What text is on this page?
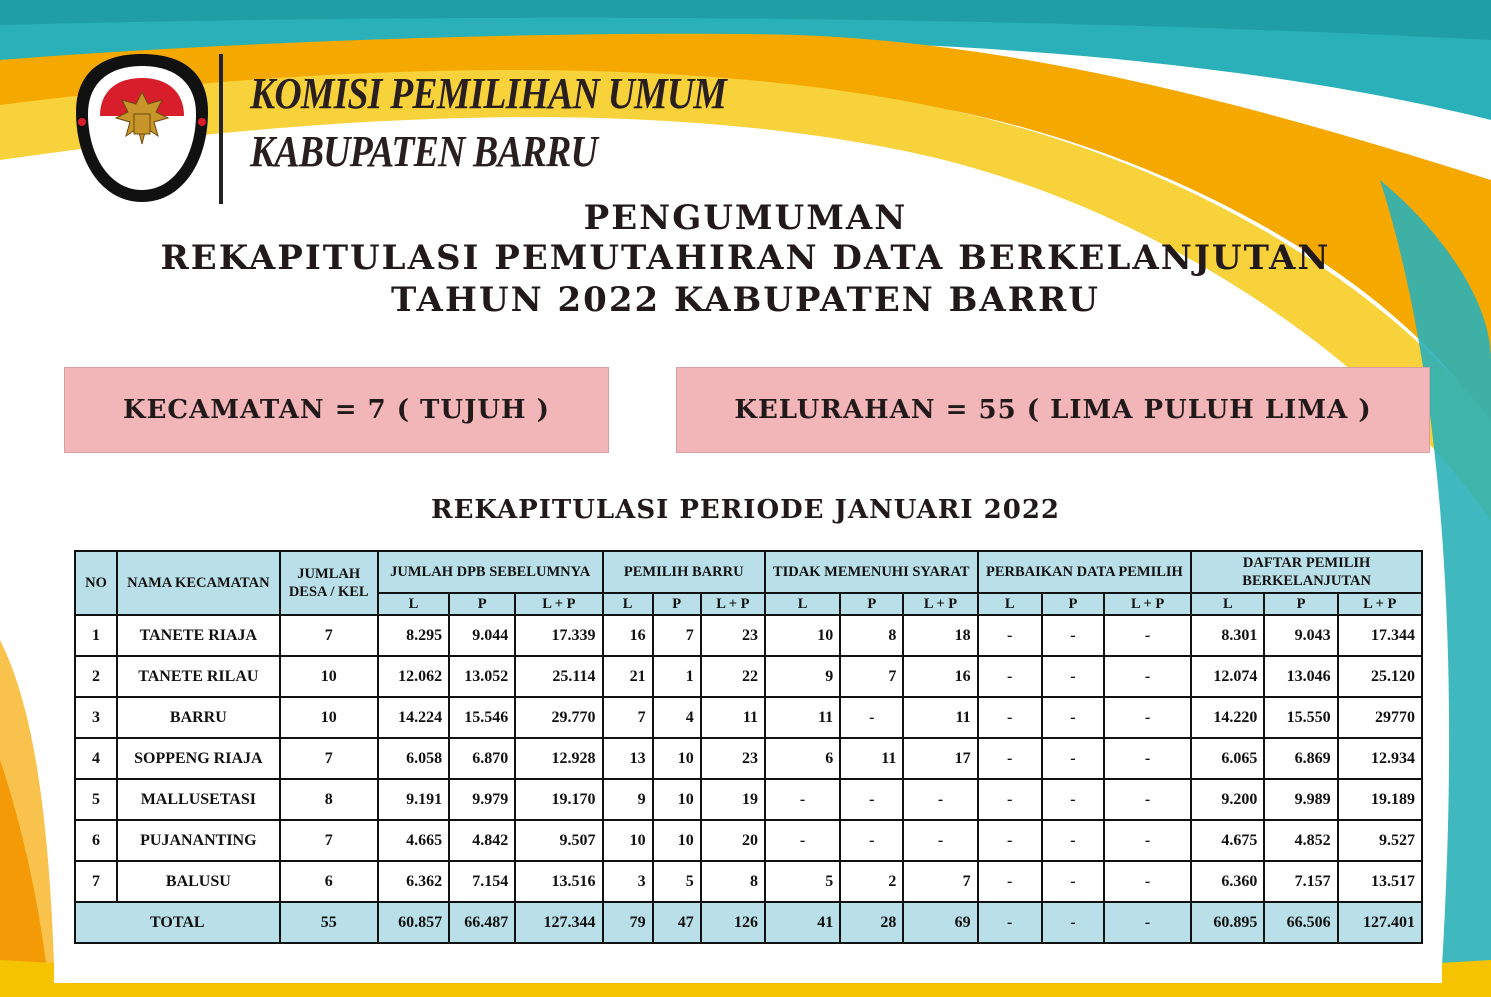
KOMISI PEMILIHAN UMUM
KABUPATEN BARRU
PENGUMUMAN
REKAPITULASI PEMUTAHIRAN DATA BERKELANJUTAN
TAHUN 2022 KABUPATEN BARRU
KECAMATAN = 7 ( TUJUH )	KELURAHAN = 55 ( LIMA PULUH LIMA )
REKAPITULASI PERIODE JANUARI 2022
NO	NAMA KECAMATAN	JUMLAH DESA / KEL	JUMLAH DPB SEBELUMNYA			PEMILIH BARRU			TIDAK MEMENUHI SYARAT			PERBAIKAN DATA PEMILIH			DAFTAR PEMILIH BERKELANJUTAN		
			L	P	L + P	L	P	L + P	L	P	L + P	L	P	L + P	L	P	L + P
1	TANETE RIAJA	7	8.295	9.044	17.339	16	7	23	10	8	18	-	-	-	8.301	9.043	17.344
2	TANETE RILAU	10	12.062	13.052	25.114	21	1	22	9	7	16	-	-	-	12.074	13.046	25.120
3	BARRU	10	14.224	15.546	29.770	7	4	11	11	-	11	-	-	-	14.220	15.550	29770
4	SOPPENG RIAJA	7	6.058	6.870	12.928	13	10	23	6	11	17	-	-	-	6.065	6.869	12.934
5	MALLUSETASI	8	9.191	9.979	19.170	9	10	19	-	-	-	-	-	-	9.200	9.989	19.189
6	PUJANANTING	7	4.665	4.842	9.507	10	10	20	-	-	-	-	-	-	4.675	4.852	9.527
7	BALUSU	6	6.362	7.154	13.516	3	5	8	5	2	7	-	-	-	6.360	7.157	13.517
TOTAL		55	60.857	66.487	127.344	79	47	126	41	28	69	-	-	-	60.895	66.506	127.401
